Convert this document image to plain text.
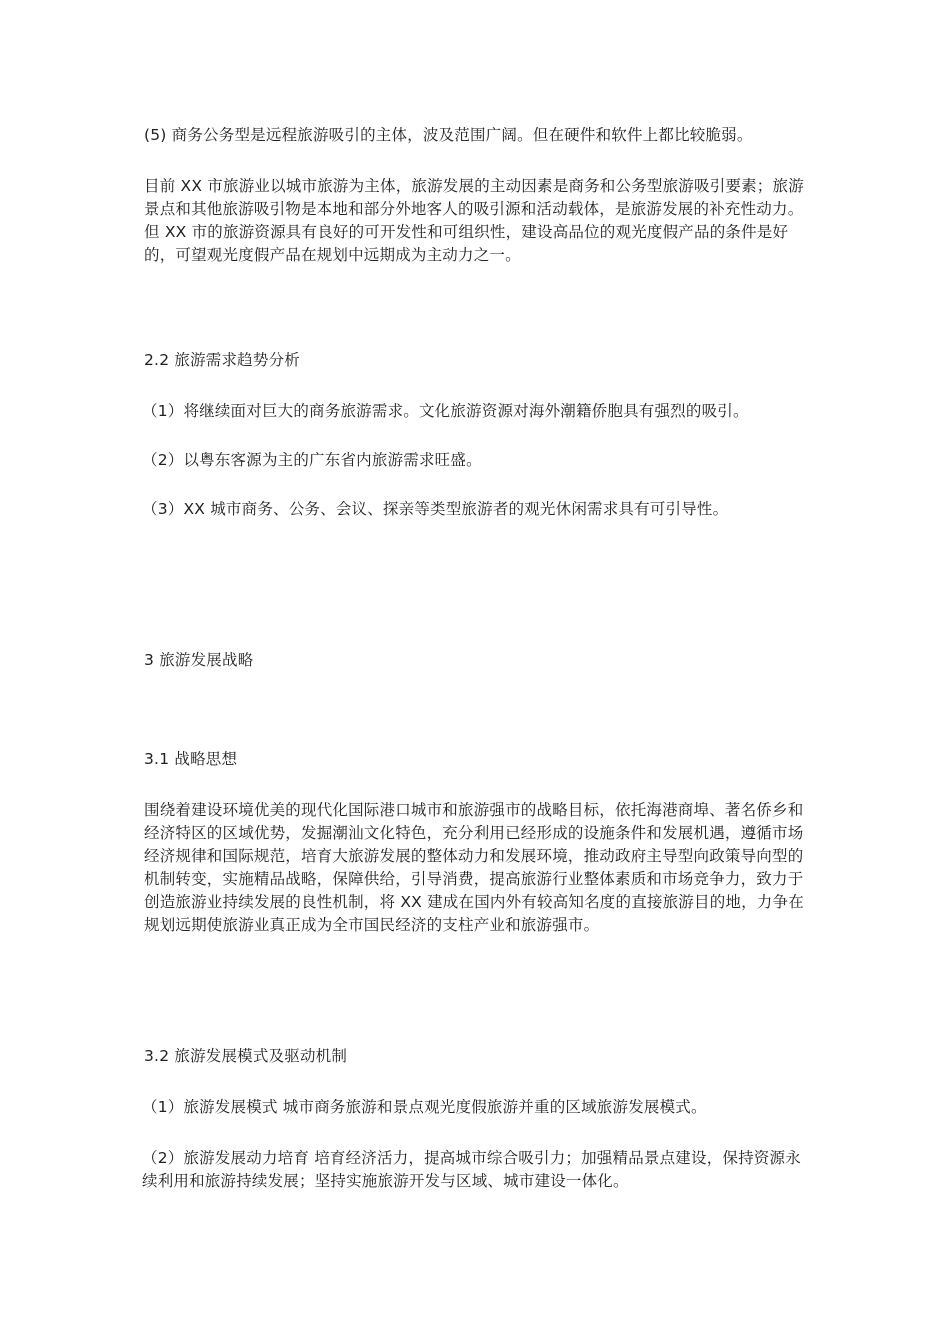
(5) 商务公务型是远程旅游吸引的主体，波及范围广阔。但在硬件和软件上都比较脆弱。

目前 XX 市旅游业以城市旅游为主体，旅游发展的主动因素是商务和公务型旅游吸引要素；旅游景点和其他旅游吸引物是本地和部分外地客人的吸引源和活动载体，是旅游发展的补充性动力。但 XX 市的旅游资源具有良好的可开发性和可组织性，建设高品位的观光度假产品的条件是好的，可望观光度假产品在规划中远期成为主动力之一。

2.2 旅游需求趋势分析

（1）将继续面对巨大的商务旅游需求。文化旅游资源对海外潮籍侨胞具有强烈的吸引。

（2）以粤东客源为主的广东省内旅游需求旺盛。

（3）XX 城市商务、公务、会议、探亲等类型旅游者的观光休闲需求具有可引导性。

3 旅游发展战略
3.1 战略思想

围绕着建设环境优美的现代化国际港口城市和旅游强市的战略目标，依托海港商埠、著名侨乡和经济特区的区域优势，发掘潮汕文化特色，充分利用已经形成的设施条件和发展机遇，遵循市场经济规律和国际规范，培育大旅游发展的整体动力和发展环境，推动政府主导型向政策导向型的机制转变，实施精品战略，保障供给，引导消费，提高旅游行业整体素质和市场竞争力，致力于创造旅游业持续发展的良性机制，将 XX 建成在国内外有较高知名度的直接旅游目的地，力争在规划远期使旅游业真正成为全市国民经济的支柱产业和旅游强市。

3.2 旅游发展模式及驱动机制

（1）旅游发展模式 城市商务旅游和景点观光度假旅游并重的区域旅游发展模式。

（2）旅游发展动力培育 培育经济活力，提高城市综合吸引力；加强精品景点建设，保持资源永续利用和旅游持续发展；坚持实施旅游开发与区域、城市建设一体化。
